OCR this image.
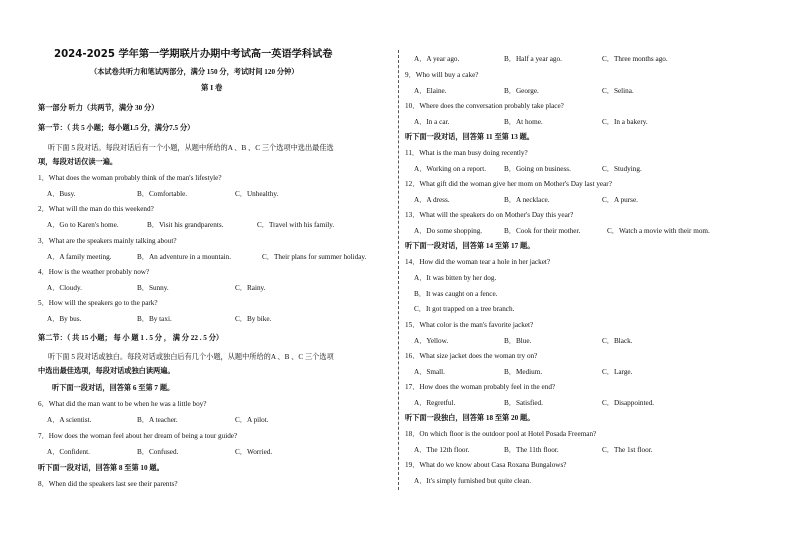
2024-2025 学年第一学期联片办期中考试高一英语学科试卷
（本试卷共听力和笔试两部分，满分 150 分，考试时间 120 分钟）
第 I 卷
第一部分 听力（共两节，满分 30 分）
第一节：（ 共 5 小题；每小题1.5 分，满分7.5 分）
听下面 5 段对话。每段对话后有一个小题，从题中所给的A 、B 、C 三个选项中选出最佳选
项，每段对话仅读一遍。
1．What does the woman probably think of the man's lifestyle?
A．Busy.	B．Comfortable.	C．Unhealthy.
2．What will the man do this weekend?
A．Go to Karen's home.	B．Visit his grandparents.	C．Travel with his family.
3．What are the speakers mainly talking about?
A．A family meeting.	B．An adventure in a mountain.	C．Their plans for summer holiday.
4．How is the weather probably now?
A．Cloudy.	B．Sunny.	C．Rainy.
5．How will the speakers go to the park?
A．By bus.	B．By taxi.	C．By bike.
第二节：（ 共 15 小题； 每 小 题 1 . 5 分 ， 满 分 22 . 5 分）
听下面 5 段对话或独白。每段对话或独白后有几个小题，从题中所给的A 、B 、C 三个选项
中选出最佳选项，每段对话或独白读两遍。
听下面一段对话，回答第 6 至第 7 题。
6．What did the man want to be when he was a little boy?
A．A scientist.	B．A teacher.	C．A pilot.
7．How does the woman feel about her dream of being a tour guide?
A．Confident.	B．Confused.	C．Worried.
听下面一段对话，回答第 8 至第 10 题。
8．When did the speakers last see their parents?
A．A year ago.	B．Half a year ago.	C．Three months ago.
9．Who will buy a cake?
A．Elaine.	B．George.	C．Selina.
10．Where does the conversation probably take place?
A．In a car.	B．At home.	C．In a bakery.
听下面一段对话，回答第 11 至第 13 题。
11．What is the man busy doing recently?
A．Working on a report. B．Going on business.	C．Studying.
12．What gift did the woman give her mom on Mother's Day last year?
A．A dress.	B．A necklace.	C．A purse.
13．What will the speakers do on Mother's Day this year?
A．Do some shopping.	B．Cook for their mother.	C．Watch a movie with their mom.
听下面一段对话，回答第 14 至第 17 题。
14．How did the woman tear a hole in her jacket?
A．It was bitten by her dog.
B．It was caught on a fence.
C．It got trapped on a tree branch.
15．What color is the man's favorite jacket?
A．Yellow.	B．Blue.	C．Black.
16．What size jacket does the woman try on?
A．Small.	B．Medium.	C．Large.
17．How does the woman probably feel in the end?
A．Regretful.	B．Satisfied.	C．Disappointed.
听下面一段独白，回答第 18 至第 20 题。
18．On which floor is the outdoor pool at Hotel Posada Freeman?
A．The 12th floor.	B．The 11th floor.	C．The 1st floor.
19．What do we know about Casa Roxana Bungalows?
A．It's simply furnished but quite clean.
